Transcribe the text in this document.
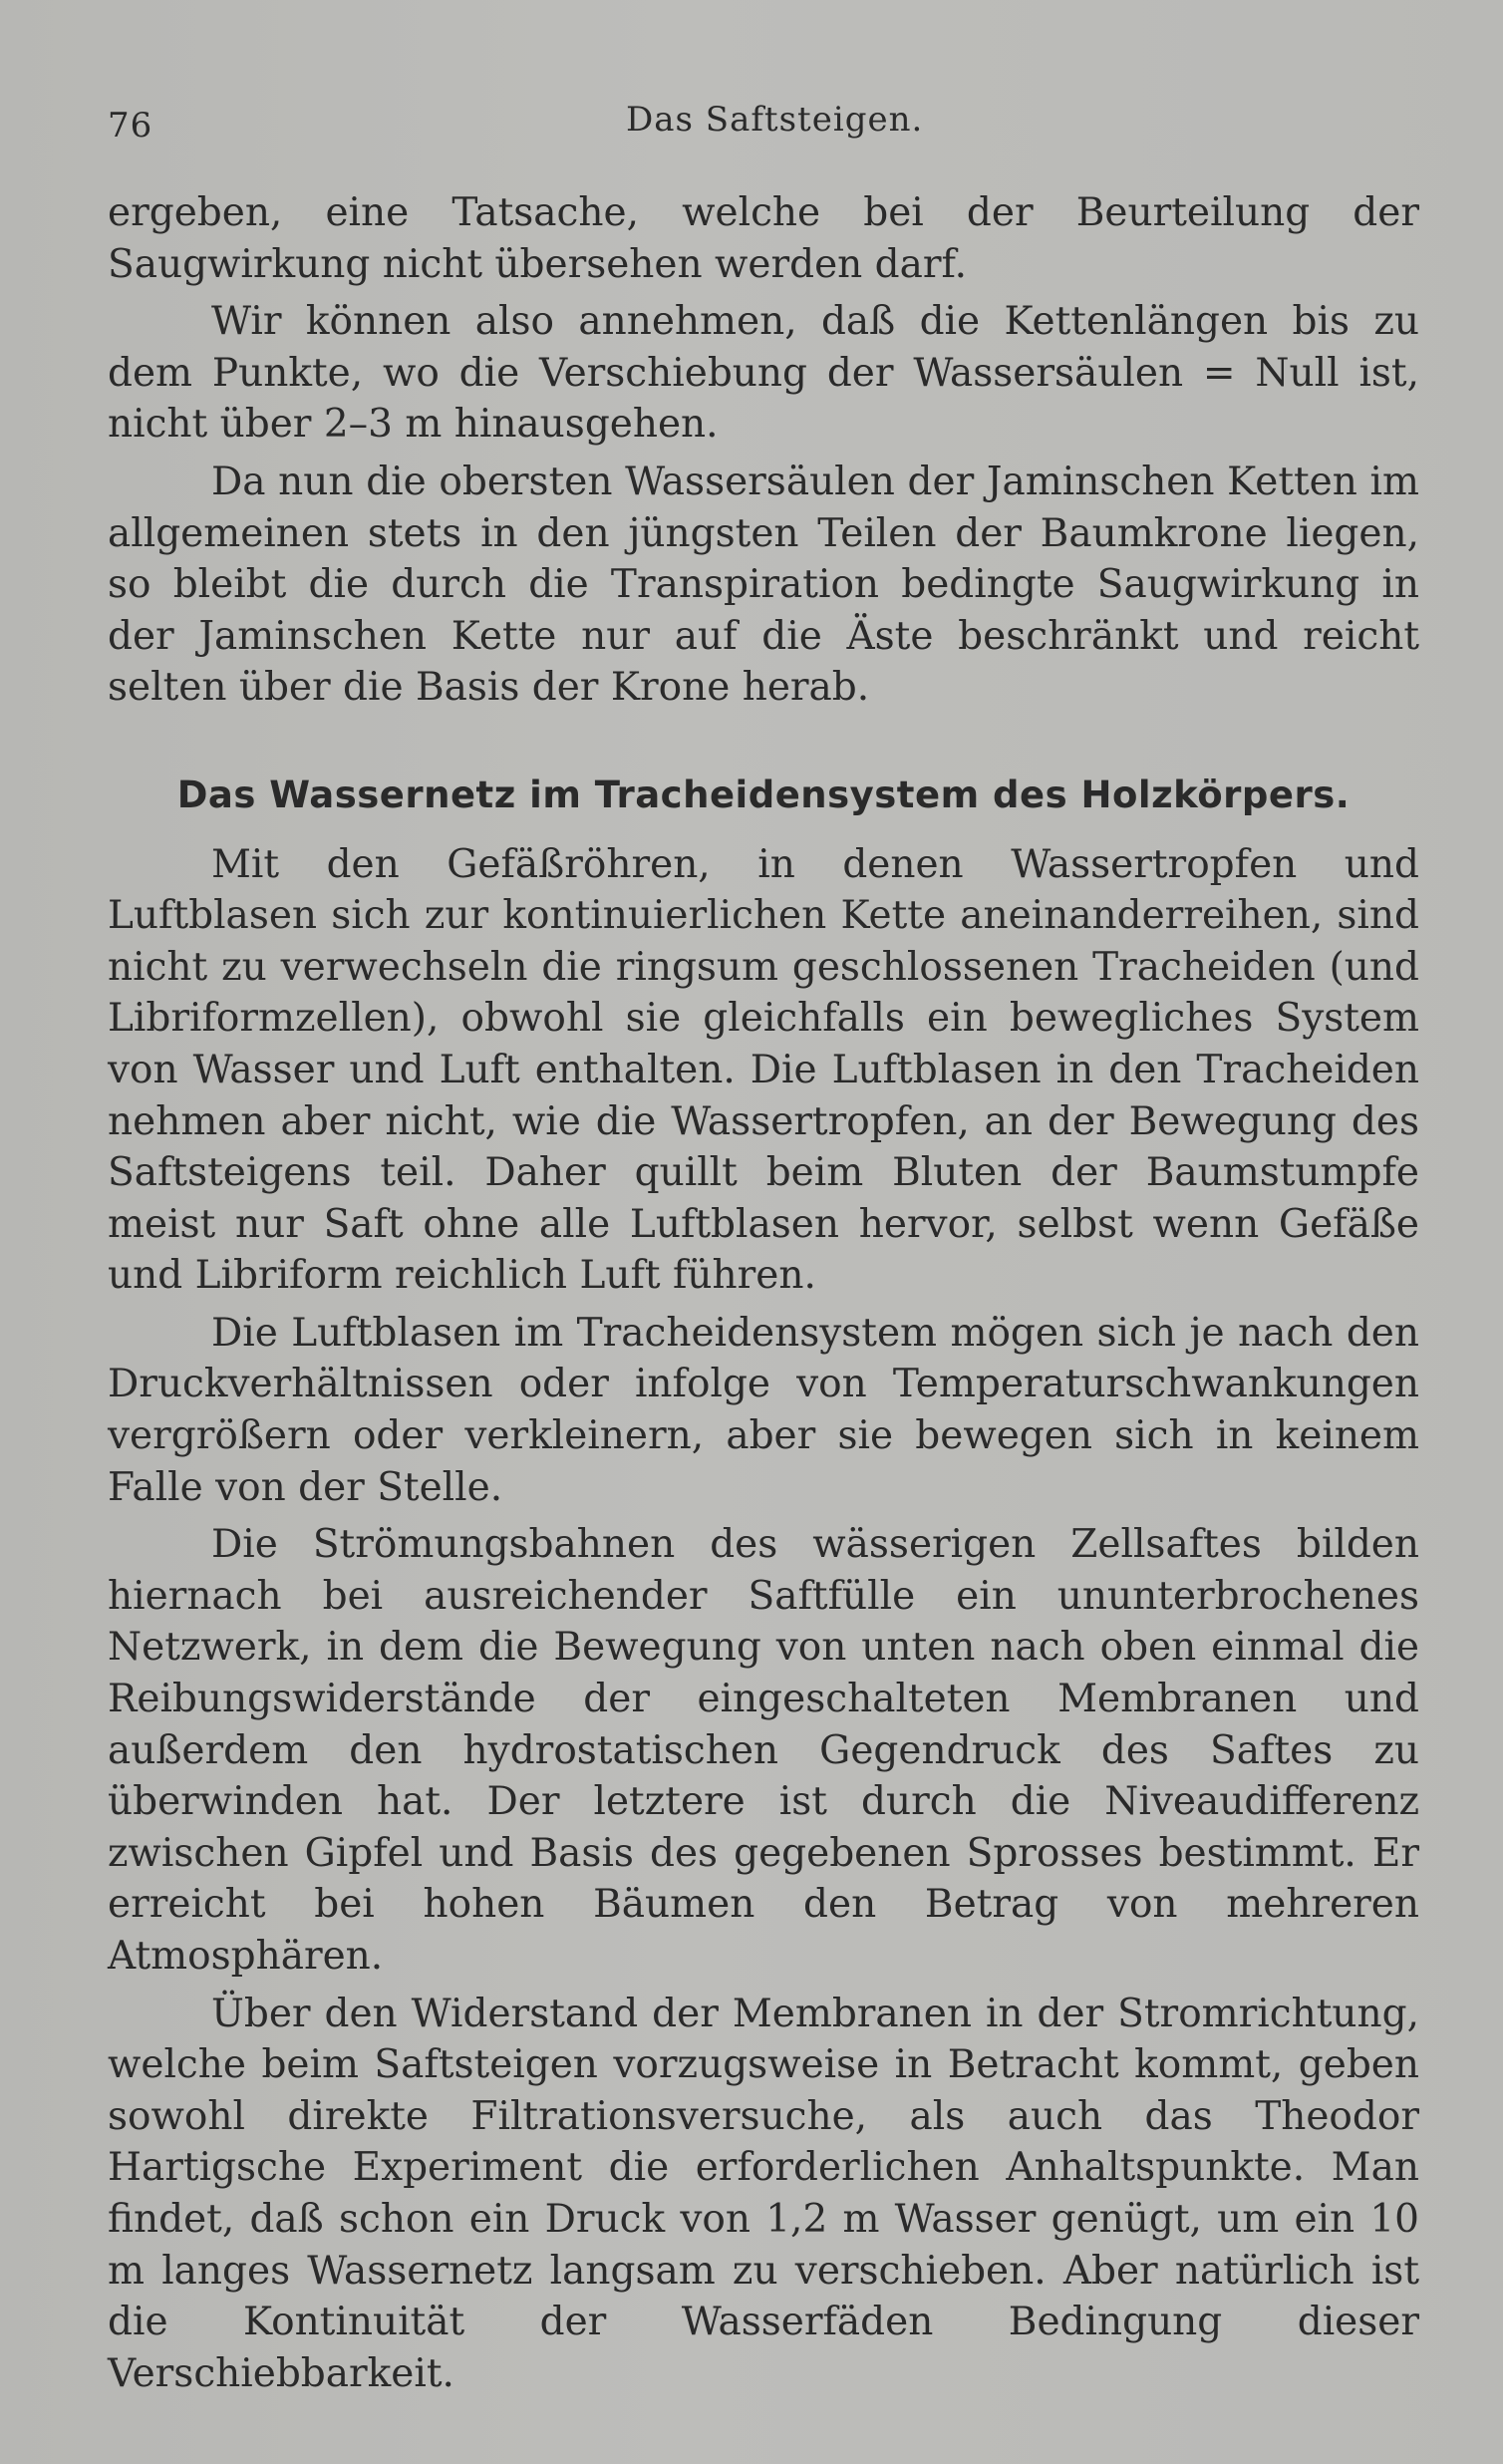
76	Das Saftsteigen.

ergeben, eine Tatsache, welche bei der Beurteilung der Saugwirkung nicht übersehen werden darf.

Wir können also annehmen, daß die Kettenlängen bis zu dem Punkte, wo die Verschiebung der Wassersäulen = Null ist, nicht über 2–3 m hinausgehen.

Da nun die obersten Wassersäulen der Jaminschen Ketten im allgemeinen stets in den jüngsten Teilen der Baumkrone liegen, so bleibt die durch die Transpiration bedingte Saugwirkung in der Jaminschen Kette nur auf die Äste beschränkt und reicht selten über die Basis der Krone herab.

Das Wassernetz im Tracheidensystem des Holzkörpers.

Mit den Gefäßröhren, in denen Wassertropfen und Luftblasen sich zur kontinuierlichen Kette aneinanderreihen, sind nicht zu verwechseln die ringsum geschlossenen Tracheiden (und Libriformzellen), obwohl sie gleichfalls ein bewegliches System von Wasser und Luft enthalten. Die Luftblasen in den Tracheiden nehmen aber nicht, wie die Wassertropfen, an der Bewegung des Saftsteigens teil. Daher quillt beim Bluten der Baumstumpfe meist nur Saft ohne alle Luftblasen hervor, selbst wenn Gefäße und Libriform reichlich Luft führen.

Die Luftblasen im Tracheidensystem mögen sich je nach den Druckverhältnissen oder infolge von Temperaturschwankungen vergrößern oder verkleinern, aber sie bewegen sich in keinem Falle von der Stelle.

Die Strömungsbahnen des wässerigen Zellsaftes bilden hiernach bei ausreichender Saftfülle ein ununterbrochenes Netzwerk, in dem die Bewegung von unten nach oben einmal die Reibungswiderstände der eingeschalteten Membranen und außerdem den hydrostatischen Gegendruck des Saftes zu überwinden hat. Der letztere ist durch die Niveaudifferenz zwischen Gipfel und Basis des gegebenen Sprosses bestimmt. Er erreicht bei hohen Bäumen den Betrag von mehreren Atmosphären.

Über den Widerstand der Membranen in der Stromrichtung, welche beim Saftsteigen vorzugsweise in Betracht kommt, geben sowohl direkte Filtrationsversuche, als auch das Theodor Hartigsche Experiment die erforderlichen Anhaltspunkte. Man findet, daß schon ein Druck von 1,2 m Wasser genügt, um ein 10 m langes Wassernetz langsam zu verschieben. Aber natürlich ist die Kontinuität der Wasserfäden Bedingung dieser Verschiebbarkeit.
